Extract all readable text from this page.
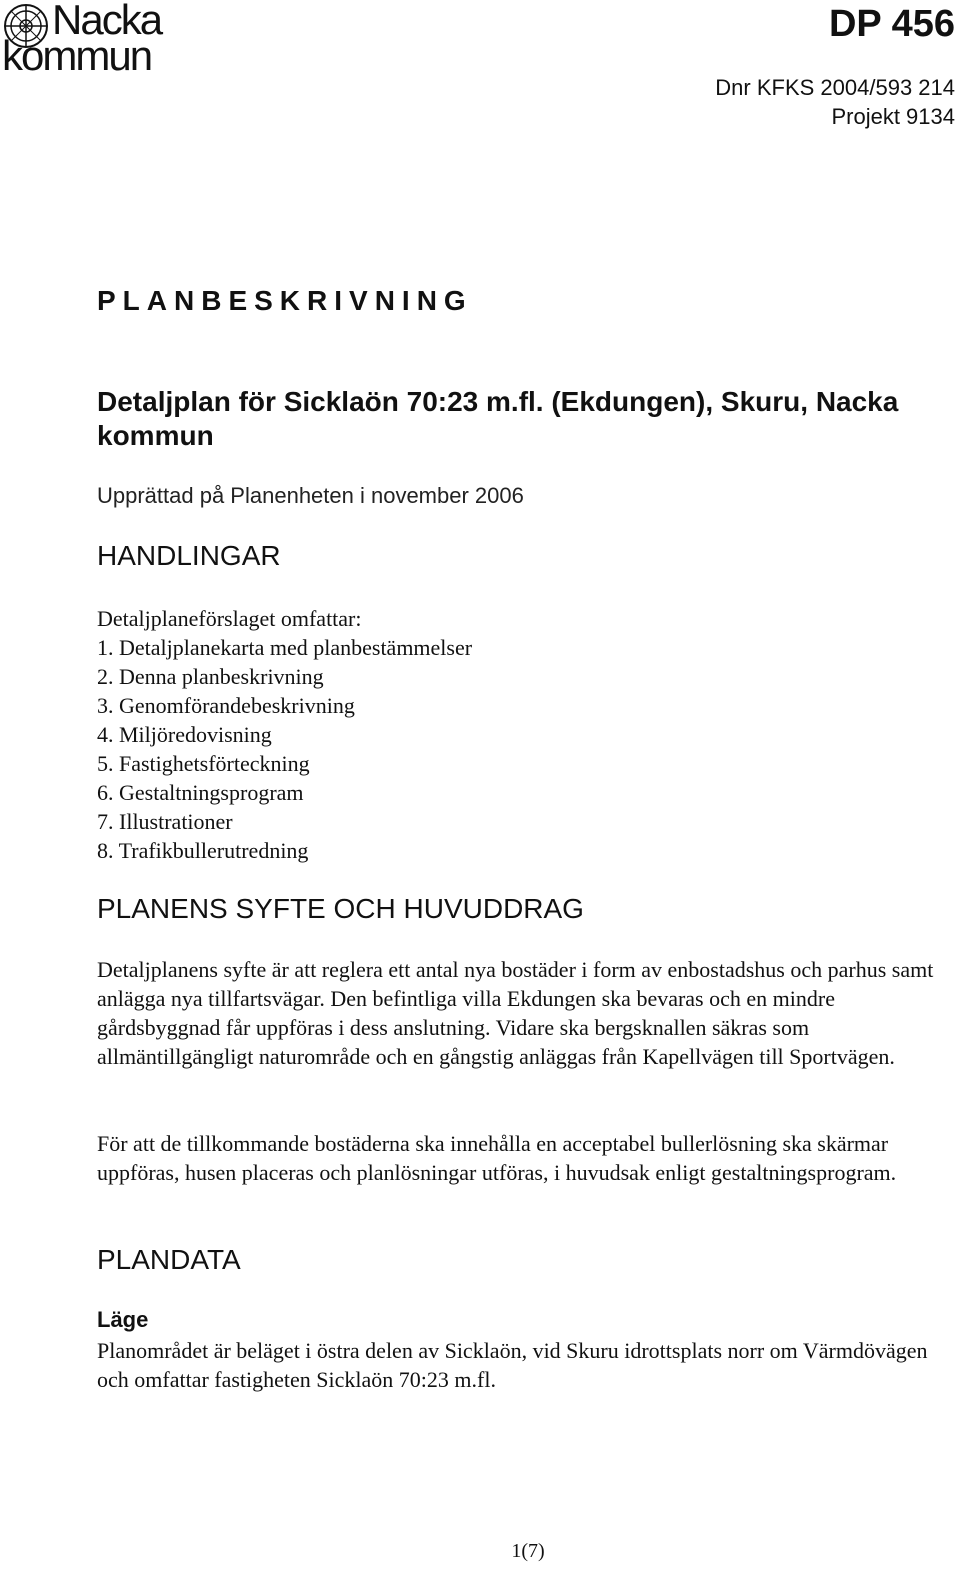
Nacka
kommun
DP 456
Dnr KFKS 2004/593 214
Projekt 9134
PLANBESKRIVNING
Detaljplan för Sicklaön 70:23 m.fl. (Ekdungen), Skuru, Nacka kommun
Upprättad på Planenheten i november 2006
HANDLINGAR
Detaljplaneförslaget omfattar:
1. Detaljplanekarta med planbestämmelser
2. Denna planbeskrivning
3. Genomförandebeskrivning
4. Miljöredovisning
5. Fastighetsförteckning
6. Gestaltningsprogram
7. Illustrationer
8. Trafikbullerutredning
PLANENS SYFTE OCH HUVUDDRAG

Detaljplanens syfte är att reglera ett antal nya bostäder i form av enbostadshus och parhus samt anlägga nya tillfartsvägar. Den befintliga villa Ekdungen ska bevaras och en mindre gårdsbyggnad får uppföras i dess anslutning. Vidare ska bergsknallen säkras som allmäntillgängligt naturområde och en gångstig anläggas från Kapellvägen till Sportvägen.

För att de tillkommande bostäderna ska innehålla en acceptabel bullerlösning ska skärmar uppföras, husen placeras och planlösningar utföras, i huvudsak enligt gestaltningsprogram.

PLANDATA
Läge

Planområdet är beläget i östra delen av Sicklaön, vid Skuru idrottsplats norr om Värmdövägen och omfattar fastigheten Sicklaön 70:23 m.fl.

1(7)
